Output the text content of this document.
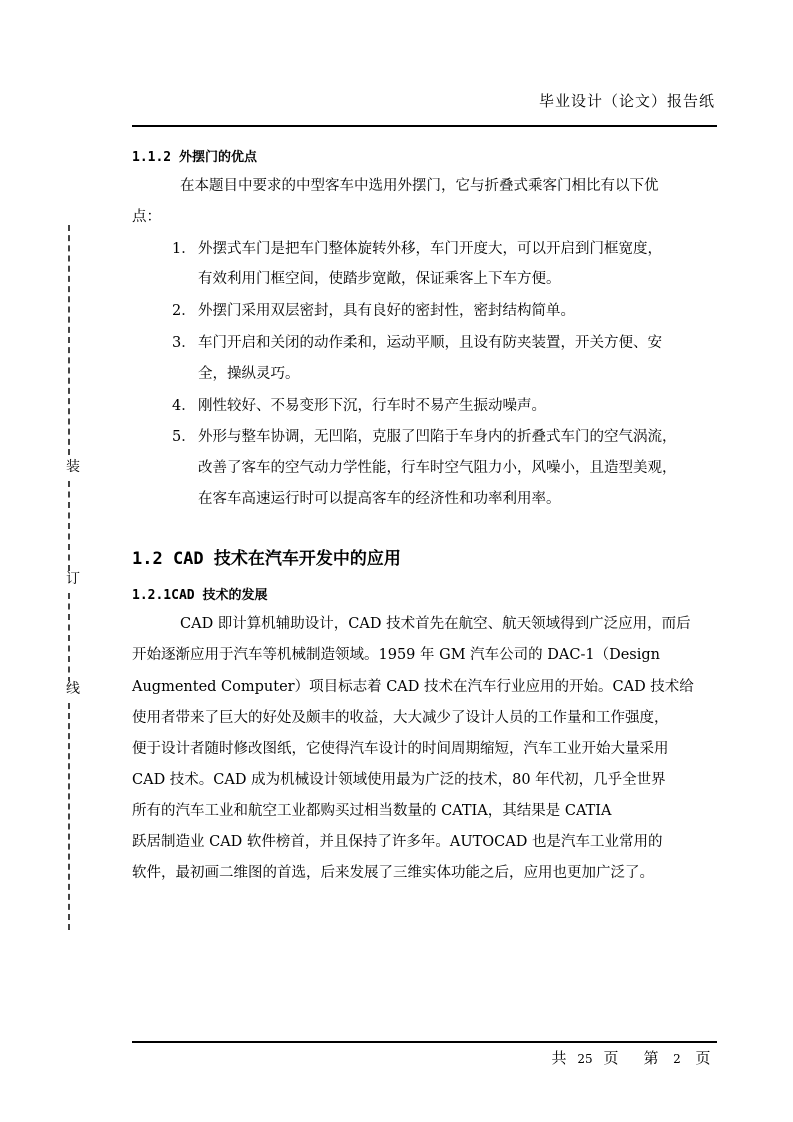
毕业设计（论文）报告纸
装
订
线
1.1.2 外摆门的优点
在本题目中要求的中型客车中选用外摆门，它与折叠式乘客门相比有以下优
点：
1． 外摆式车门是把车门整体旋转外移，车门开度大，可以开启到门框宽度，
有效利用门框空间，使踏步宽敞，保证乘客上下车方便。
2． 外摆门采用双层密封，具有良好的密封性，密封结构简单。
3． 车门开启和关闭的动作柔和，运动平顺，且设有防夹装置，开关方便、安
全，操纵灵巧。
4． 刚性较好、不易变形下沉，行车时不易产生振动噪声。
5． 外形与整车协调，无凹陷，克服了凹陷于车身内的折叠式车门的空气涡流，
改善了客车的空气动力学性能，行车时空气阻力小，风噪小，且造型美观，
在客车高速运行时可以提高客车的经济性和功率利用率。
1.2 CAD 技术在汽车开发中的应用
1.2.1CAD 技术的发展
CAD 即计算机辅助设计，CAD 技术首先在航空、航天领域得到广泛应用，而后
开始逐渐应用于汽车等机械制造领域。1959 年 GM 汽车公司的 DAC-1（Design
Augmented Computer）项目标志着 CAD 技术在汽车行业应用的开始。CAD 技术给
使用者带来了巨大的好处及颇丰的收益，大大减少了设计人员的工作量和工作强度，
便于设计者随时修改图纸，它使得汽车设计的时间周期缩短，汽车工业开始大量采用
CAD 技术。CAD 成为机械设计领域使用最为广泛的技术，80 年代初，几乎全世界
所有的汽车工业和航空工业都购买过相当数量的 CATIA，其结果是 CATIA
跃居制造业 CAD 软件榜首，并且保持了许多年。AUTOCAD 也是汽车工业常用的
软件，最初画二维图的首选，后来发展了三维实体功能之后，应用也更加广泛了。
共 25 页 第 2 页
